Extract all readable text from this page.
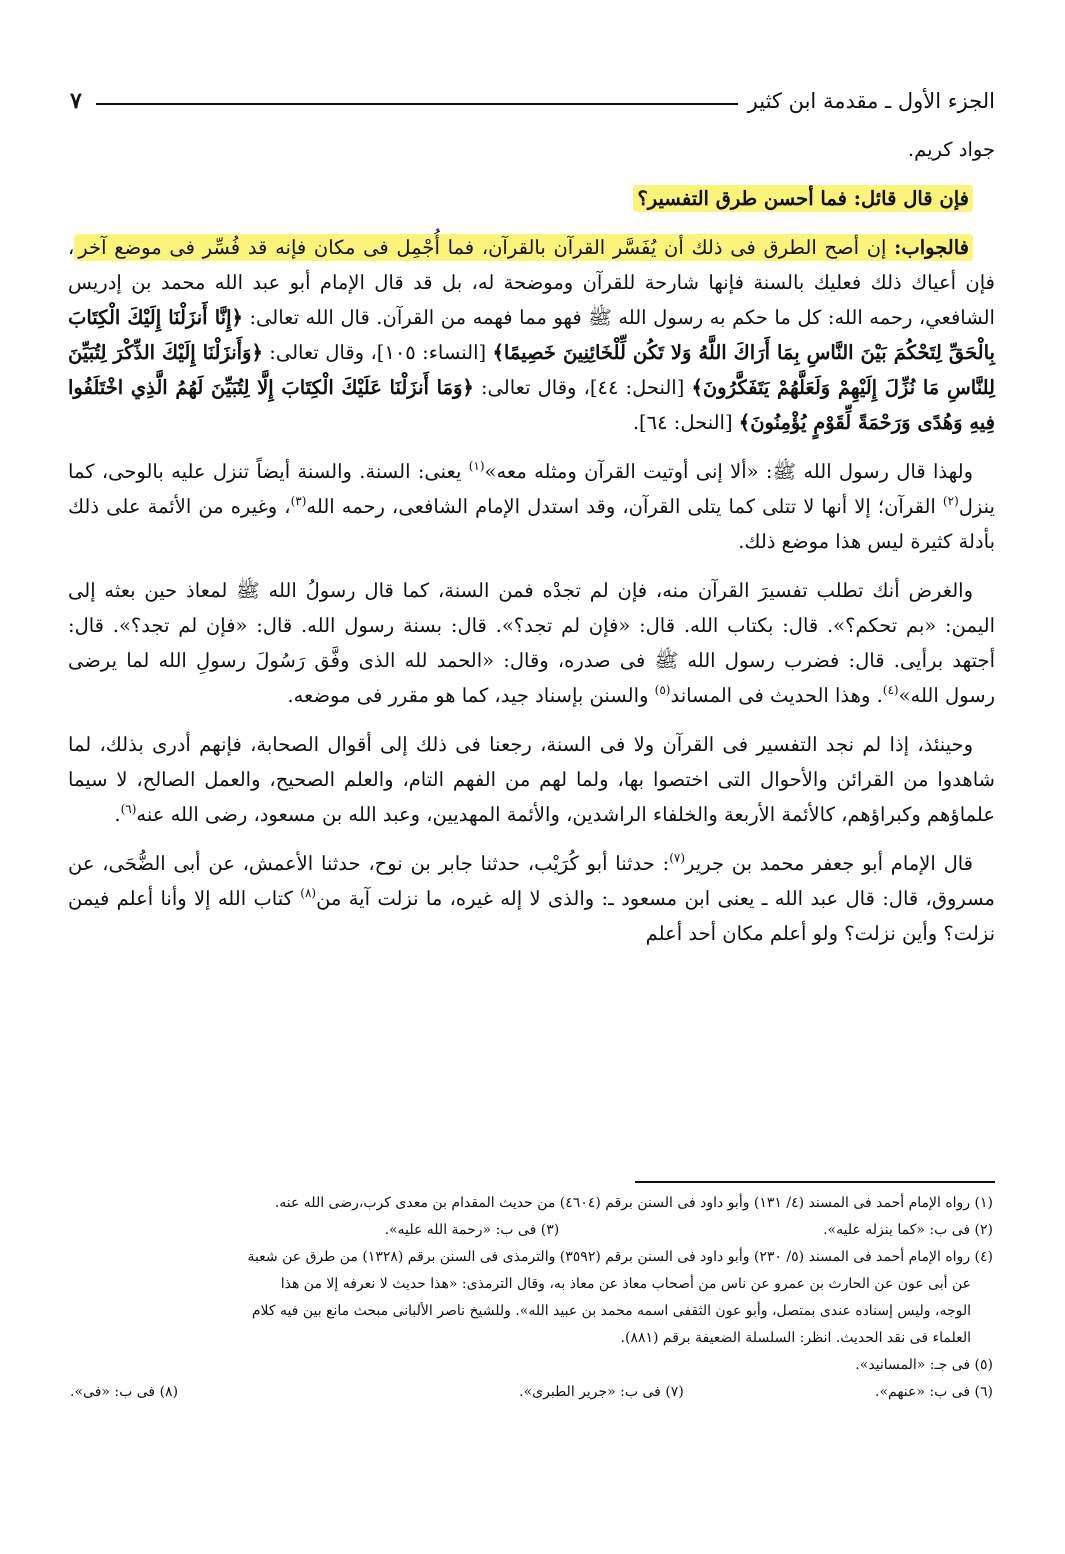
الجزء الأول ـ مقدمة ابن كثير
٧

جواد كريم.

فإن قال قائل: فما أحسن طرق التفسير؟

فالجواب: إن أصح الطرق فى ذلك أن يُفَسَّر القرآن بالقرآن، فما أُجْمِل فى مكان فإنه قد فُسِّر فى موضع آخر، فإن أعياك ذلك فعليك بالسنة فإنها شارحة للقرآن وموضحة له، بل قد قال الإمام أبو عبد الله محمد بن إدريس الشافعي، رحمه الله: كل ما حكم به رسول الله ﷺ فهو مما فهمه من القرآن. قال الله تعالى: ﴿إِنَّا أَنزَلْنَا إِلَيْكَ الْكِتَابَ بِالْحَقِّ لِتَحْكُمَ بَيْنَ النَّاسِ بِمَا أَرَاكَ اللَّهُ وَلا تَكُن لِّلْخَائِنِينَ خَصِيمًا﴾ [النساء: ١٠٥]، وقال تعالى: ﴿وَأَنزَلْنَا إِلَيْكَ الذِّكْرَ لِتُبَيِّنَ لِلنَّاسِ مَا نُزِّلَ إِلَيْهِمْ وَلَعَلَّهُمْ يَتَفَكَّرُونَ﴾ [النحل: ٤٤]، وقال تعالى: ﴿وَمَا أَنزَلْنَا عَلَيْكَ الْكِتَابَ إِلَّا لِتُبَيِّنَ لَهُمُ الَّذِي اخْتَلَفُوا فِيهِ وَهُدًى وَرَحْمَةً لِّقَوْمٍ يُؤْمِنُونَ﴾ [النحل: ٦٤].

ولهذا قال رسول الله ﷺ: «ألا إنى أوتيت القرآن ومثله معه»$^{(١)}$ يعنى: السنة. والسنة أيضاً تنزل عليه بالوحى، كما ينزل$^{(٢)}$ القرآن؛ إلا أنها لا تتلى كما يتلى القرآن، وقد استدل الإمام الشافعى، رحمه الله$^{(٣)}$، وغيره من الأئمة على ذلك بأدلة كثيرة ليس هذا موضع ذلك.

والغرض أنك تطلب تفسيرَ القرآن منه، فإن لم تجدْه فمن السنة، كما قال رسولُ الله ﷺ لمعاذ حين بعثه إلى اليمن: «بم تحكم؟». قال: بكتاب الله. قال: «فإن لم تجد؟». قال: بسنة رسول الله. قال: «فإن لم تجد؟». قال: أجتهد برأيى. قال: فضرب رسول الله ﷺ فى صدره، وقال: «الحمد لله الذى وفَّق رَسُولَ رسولِ الله لما يرضى رسول الله»$^{(٤)}$. وهذا الحديث فى المساند$^{(٥)}$ والسنن بإسناد جيد، كما هو مقرر فى موضعه.

وحينئذ، إذا لم نجد التفسير فى القرآن ولا فى السنة، رجعنا فى ذلك إلى أقوال الصحابة، فإنهم أدرى بذلك، لما شاهدوا من القرائن والأحوال التى اختصوا بها، ولما لهم من الفهم التام، والعلم الصحيح، والعمل الصالح، لا سيما علماؤهم وكبراؤهم، كالأئمة الأربعة والخلفاء الراشدين، والأئمة المهديين، وعبد الله بن مسعود، رضى الله عنه$^{(٦)}$.

قال الإمام أبو جعفر محمد بن جرير$^{(٧)}$: حدثنا أبو كُرَيْب، حدثنا جابر بن نوح، حدثنا الأعمش، عن أبى الضُّحَى، عن مسروق، قال: قال عبد الله ـ يعنى ابن مسعود ـ: والذى لا إله غيره، ما نزلت آية من$^{(٨)}$ كتاب الله إلا وأنا أعلم فيمن نزلت؟ وأين نزلت؟ ولو أعلم مكان أحد أعلم

(١) رواه الإمام أحمد فى المسند (٤/ ١٣١) وأبو داود فى السنن برقم (٤٦٠٤) من حديث المقدام بن معدى كرب،رضى الله عنه.

(٢) فى ب: «كما ينزله عليه».
(٣) فى ب: «رحمة الله عليه».

(٤) رواه الإمام أحمد فى المسند (٥/ ٢٣٠) وأبو داود فى السنن برقم (٣٥٩٢) والترمذى فى السنن برقم (١٣٢٨) من طرق عن شعبة

عن أبى عون عن الحارث بن عمرو عن ناس من أصحاب معاذ عن معاذ به، وقال الترمذى: «هذا حديث لا نعرفه إلا من هذا

الوجه، وليس إسناده عندى بمتصل، وأبو عون الثقفى اسمه محمد بن عبيد الله». وللشيخ ناصر الألبانى مبحث مانع بين فيه كلام

العلماء فى نقد الحديث. انظر: السلسلة الضعيفة برقم (٨٨١).

(٥) فى جـ: «المسانيد».

(٦) فى ب: «عنهم».
(٧) فى ب: «جرير الطبرى».
(٨) فى ب: «فى».
